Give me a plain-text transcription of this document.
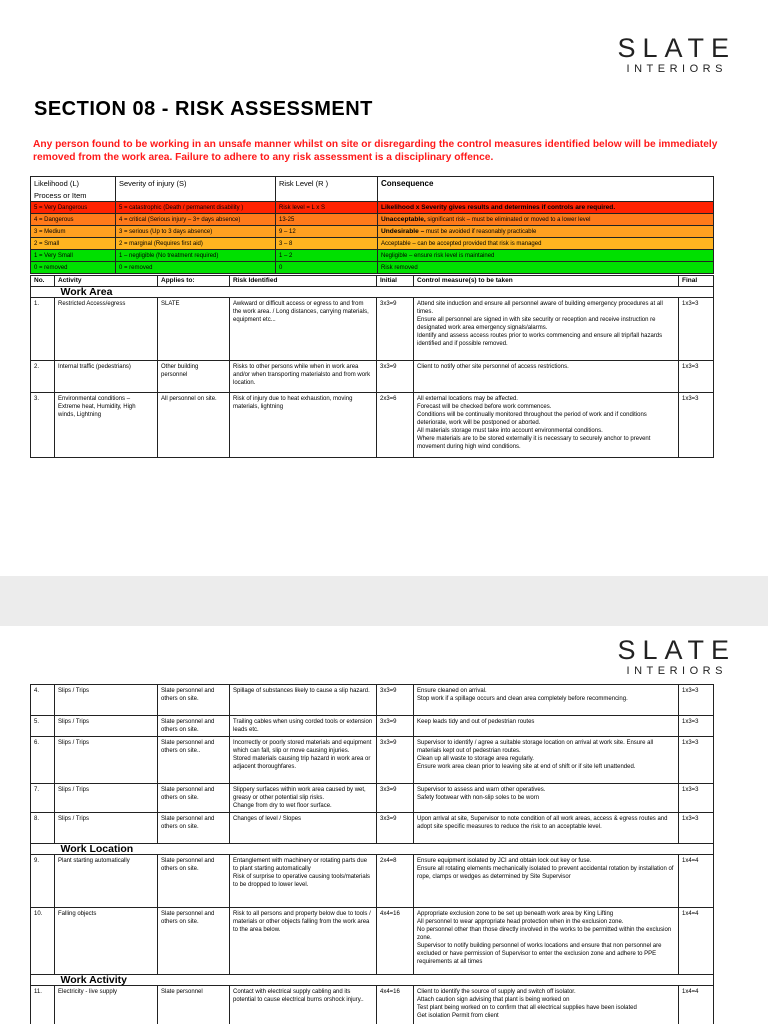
SLATE
INTERIORS
SECTION 08 - RISK ASSESSMENT
Any person found to be working in an unsafe manner whilst on site or disregarding the control measures identified below will be immediately removed from the work area. Failure to adhere to any risk assessment is a disciplinary offence.
Likelihood (L)
Process or Item
	Severity of injury (S)	Risk Level (R )	Consequence
5 = Very Dangerous	5 = catastrophic (Death / permanent disability )	Risk level = L x S	Likelihood x Severity gives results and determines if controls are required.
4 = Dangerous	4 = critical (Serious injury – 3+ days absence)	13-25	Unacceptable, significant risk – must be eliminated or moved to a lower level
3 = Medium	3 = serious (Up to 3 days absence)	9 – 12	Undesirable – must be avoided if reasonably practicable
2 = Small	2 = marginal (Requires first aid)	3 – 8	Acceptable – can be accepted provided that risk is managed
1 = Very Small	1 – negligible (No treatment required)	1 – 2	Negligible – ensure risk level is maintained
0 = removed	0 = removed	0	Risk removed
No.	Activity	Applies to:	Risk Identified	Initial	Control measure(s) to be taken	Final
	Work Area					
1.	Restricted Access/egress	SLATE	Awkward or difficult access or egress to and from the work area. / Long distances, carrying materials, equipment etc...	3x3=9	Attend site induction and ensure all personnel aware of building emergency procedures at all times.
Ensure all personnel are signed in with site security or reception and receive instruction re designated work area emergency signals/alarms.
Identify and assess access routes prior to works commencing and ensure all trip/fall hazards identified and if possible removed.	1x3=3
2.	Internal traffic (pedestrians)	Other building personnel	Risks to other persons while when in work area and/or when transporting materialsto and from work location.	3x3=9	Client to notify other site personnel of access restrictions.	1x3=3
3.	Environmental conditions – Extreme heat, Humidity, High winds, Lightning	All personnel on site.	Risk of injury due to heat exhaustion, moving materials, lightning	2x3=6	All external locations may be affected.
Forecast will be checked before work commences.
Conditions will be continually monitored throughout the period of work and if conditions deteriorate, work will be postponed or aborted.
All materials storage must take into account environmental conditions.
Where materials are to be stored externally it is necessary to securely anchor to prevent movement during high wind conditions.	1x3=3
SLATE
INTERIORS
4.	Slips / Trips	Slate personnel and others on site.	Spillage of substances likely to cause a slip hazard.	3x3=9	Ensure cleaned on arrival.
Stop work if a spillage occurs and clean area completely before recommencing.	1x3=3
5.	Slips / Trips	Slate personnel and others on site.	Trailing cables when using corded tools or extension leads etc.	3x3=9	Keep leads tidy and out of pedestrian routes	1x3=3
6.	Slips / Trips	Slate personnel and others on site..	Incorrectly or poorly stored materials and equipment which can fall, slip or move causing injuries.
Stored materials causing trip hazard in work area or adjacent thoroughfares.	3x3=9	Supervisor to identify / agree a suitable storage location on arrival at work site. Ensure all materials kept out of pedestrian routes.
Clean up all waste to storage area regularly.
Ensure work area clean prior to leaving site at end of shift or if site left unattended.	1x3=3
7.	Slips / Trips	Slate personnel and others on site.	Slippery surfaces within work area caused by wet, greasy or other potential slip risks.
Change from dry to wet floor surface.	3x3=9	Supervisor to assess and warn other operatives.
Safety footwear with non-slip soles to be worn	1x3=3
8.	Slips / Trips	Slate personnel and others on site.	Changes of level / Slopes	3x3=9	Upon arrival at site, Supervisor to note condition of all work areas, access & egress routes and adopt site specific measures to reduce the risk to an acceptable level.	1x3=3
	Work Location					
9.	Plant starting automatically	Slate personnel and others on site.	Entanglement with machinery or rotating parts due to plant starting automatically
Risk of surprise to operative causing tools/materials to be dropped to lower level.	2x4=8	Ensure equipment isolated by JCI and obtain lock out key or fuse.
Ensure all rotating elements mechanically isolated to prevent accidental rotation by installation of rope, clamps or wedges as determined by Site Supervisor	1x4=4
10.	Falling objects	Slate personnel and others on site.	Risk to all persons and property below due to tools / materials or other objects falling from the work area to the area below.	4x4=16	Appropriate exclusion zone to be set up beneath work area by King Lifting
All personnel to wear appropriate head protection when in the exclusion zone.
No personnel other than those directly involved in the works to be permitted within the exclusion zone.
Supervisor to notify building personnel of works locations and ensure that non personnel are excluded or have permission of Supervisor to enter the exclusion zone and adhere to PPE requirements at all times	1x4=4
	Work Activity					
11.	Electricity - live supply	Slate personnel	Contact with electrical supply cabling and its potential to cause electrical burns orshock injury..	4x4=16	Client to identify the source of supply and switch off isolator.
Attach caution sign advising that plant is being worked on
Test plant being worked on to confirm that all electrical supplies have been isolated
Get isolation Permit from client	1x4=4
